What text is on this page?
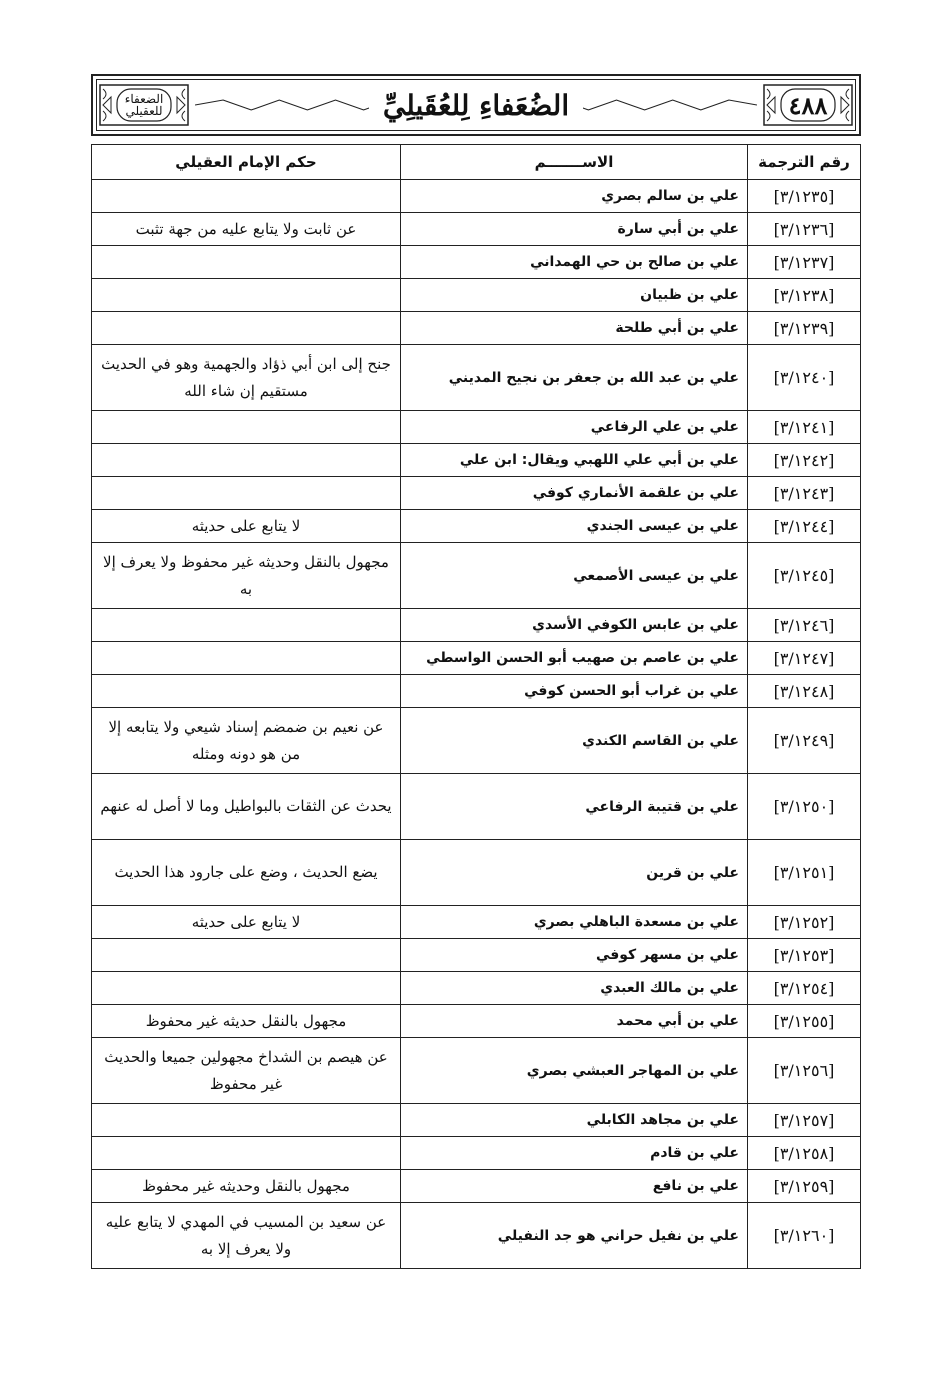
الضعفاء
للعقيلي	الضُعَفاءِ لِلعُقَيلِيِّ	٤٨٨
رقم الترجمة	الاســـــــم	حكم الإمام العقيلي
[٣/١٢٣٥]	علي بن سالم بصري	
[٣/١٢٣٦]	علي بن أبي سارة	عن ثابت ولا يتابع عليه من جهة تثبت
[٣/١٢٣٧]	علي بن صالح بن حي الهمداني	
[٣/١٢٣٨]	علي بن ظبيان	
[٣/١٢٣٩]	علي بن أبي طلحة	
[٣/١٢٤٠]	علي بن عبد الله بن جعفر بن نجيح المديني	جنح إلى ابن أبي ذؤاد والجهمية وهو في الحديث مستقيم إن شاء الله
[٣/١٢٤١]	علي بن علي الرفاعي	
[٣/١٢٤٢]	علي بن أبي علي اللهبي ويقال: ابن علي	
[٣/١٢٤٣]	علي بن علقمة الأنماري كوفي	
[٣/١٢٤٤]	علي بن عيسى الجندي	لا يتابع على حديثه
[٣/١٢٤٥]	علي بن عيسى الأصمعي	مجهول بالنقل وحديثه غير محفوظ ولا يعرف إلا به
[٣/١٢٤٦]	علي بن عابس الكوفي الأسدي	
[٣/١٢٤٧]	علي بن عاصم بن صهيب أبو الحسن الواسطي	
[٣/١٢٤٨]	علي بن غراب أبو الحسن كوفي	
[٣/١٢٤٩]	علي بن القاسم الكندي	عن نعيم بن ضمضم إسناد شيعي ولا يتابعه إلا من هو دونه ومثله
[٣/١٢٥٠]	علي بن قتيبة الرفاعي	يحدث عن الثقات بالبواطيل وما لا أصل له عنهم
[٣/١٢٥١]	علي بن قرين	يضع الحديث ، وضع على جارود هذا الحديث
[٣/١٢٥٢]	علي بن مسعدة الباهلي بصري	لا يتابع على حديثه
[٣/١٢٥٣]	علي بن مسهر كوفي	
[٣/١٢٥٤]	علي بن مالك العبدي	
[٣/١٢٥٥]	علي بن أبي محمد	مجهول بالنقل حديثه غير محفوظ
[٣/١٢٥٦]	علي بن المهاجر العبشي بصري	عن هيصم بن الشداخ مجهولين جميعا والحديث غير محفوظ
[٣/١٢٥٧]	علي بن مجاهد الكابلي	
[٣/١٢٥٨]	علي بن قادم	
[٣/١٢٥٩]	علي بن نافع	مجهول بالنقل وحديثه غير محفوظ
[٣/١٢٦٠]	علي بن نفيل حراني هو جد النفيلي	عن سعيد بن المسيب في المهدي لا يتابع عليه ولا يعرف إلا به
